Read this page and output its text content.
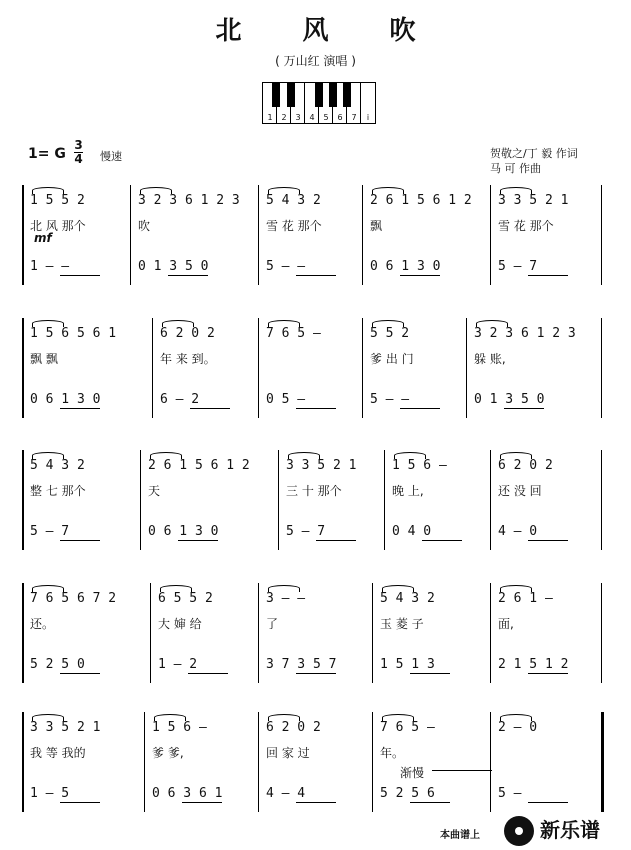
北 风 吹
( 万山红 演唱 )
1	2	3	4	5	6	7	i
1= G
3
4 慢速	贺敬之/丁 毅 作词
马 可 作曲
1 5 5 2
北 风 那个
1 – –
3 2 3 6 1 2 3
吹
0 1 3 5 0
5 4 3 2
雪 花 那个
5 – –
2 6 1 5 6 1 2
飘
0 6 1 3 0
3 3 5 2 1
雪 花 那个
5 – 7
mf
1 5 6 5 6 1
飘 飘
0 6 1 3 0
6 2 0 2
年 来 到。
6 – 2
7 6 5 –
0 5 –
5 5 2
爹 出 门
5 – –
3 2 3 6 1 2 3
躲 账,
0 1 3 5 0
5 4 3 2
整 七 那个
5 – 7
2 6 1 5 6 1 2
天
0 6 1 3 0
3 3 5 2 1
三 十 那个
5 – 7
1 5 6 –
晚 上,
0 4 0
6 2 0 2
还 没 回
4 – 0
7 6 5 6 7 2
还。
5 2 5 0
6 5 5 2
大 婶 给
1 – 2
3 – –
了
3 7 3 5 7
5 4 3 2
玉 菱 子
1 5 1 3
2 6 1 –
面,
2 1 5 1 2
3 3 5 2 1
我 等 我的
1 – 5
1 5 6 –
爹 爹,
0 6 3 6 1
6 2 0 2
回 家 过
4 – 4
7 6 5 –
年。
5 2 5 6
2 – 0
5 –
渐慢
本曲谱上	新乐谱
